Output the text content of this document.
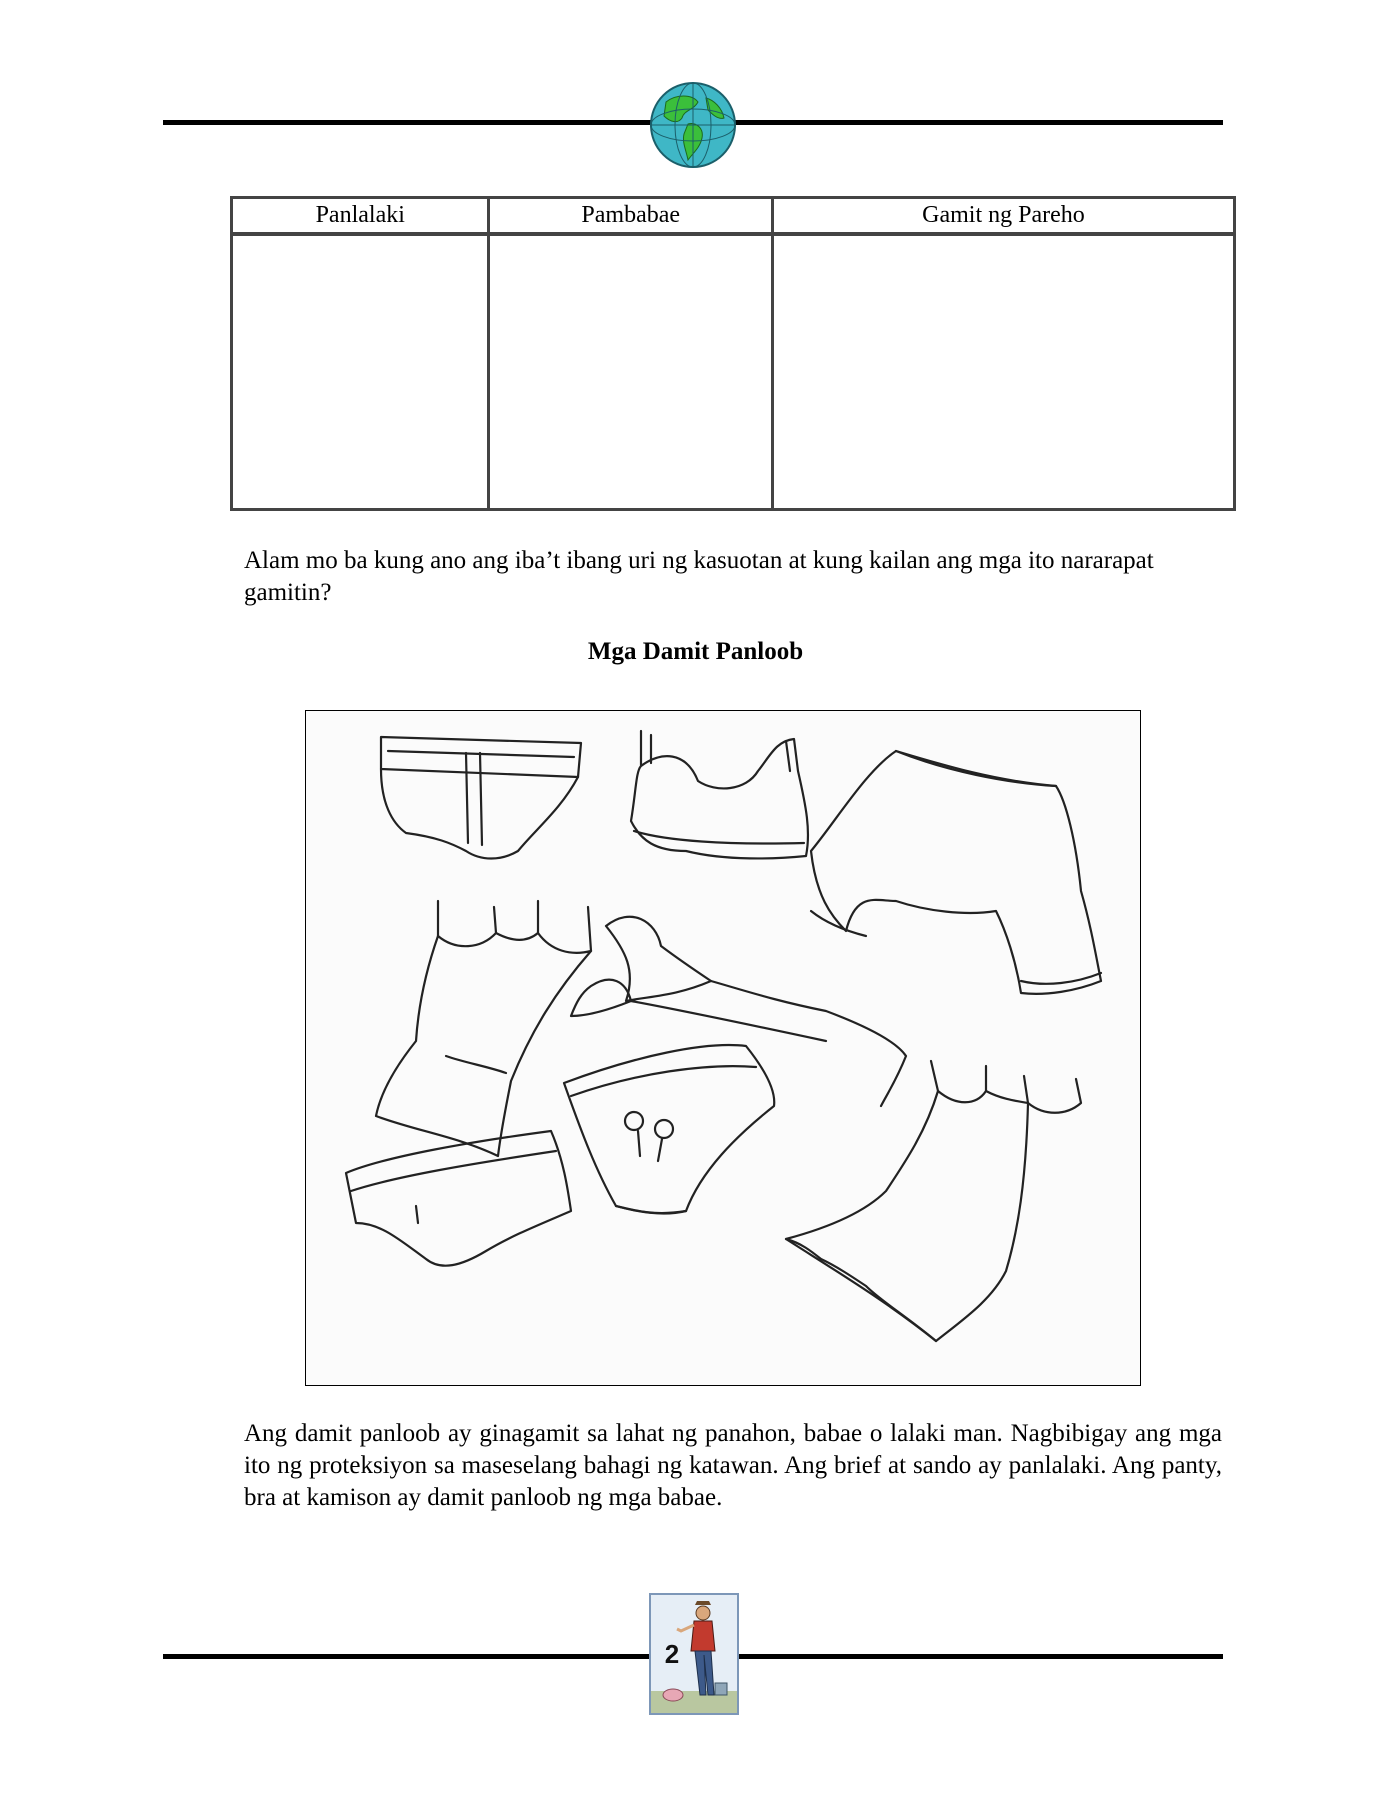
Panlalaki	Pambabae	Gamit ng Pareho

Alam mo ba kung ano ang iba’t ibang uri ng kasuotan at kung kailan ang mga ito nararapat gamitin?

Mga Damit Panloob

Ang damit panloob ay ginagamit sa lahat ng panahon, babae o lalaki man. Nagbibigay ang mga ito ng proteksiyon sa maseselang bahagi ng katawan. Ang brief at sando ay panlalaki. Ang panty, bra at kamison ay damit panloob ng mga babae.

2
